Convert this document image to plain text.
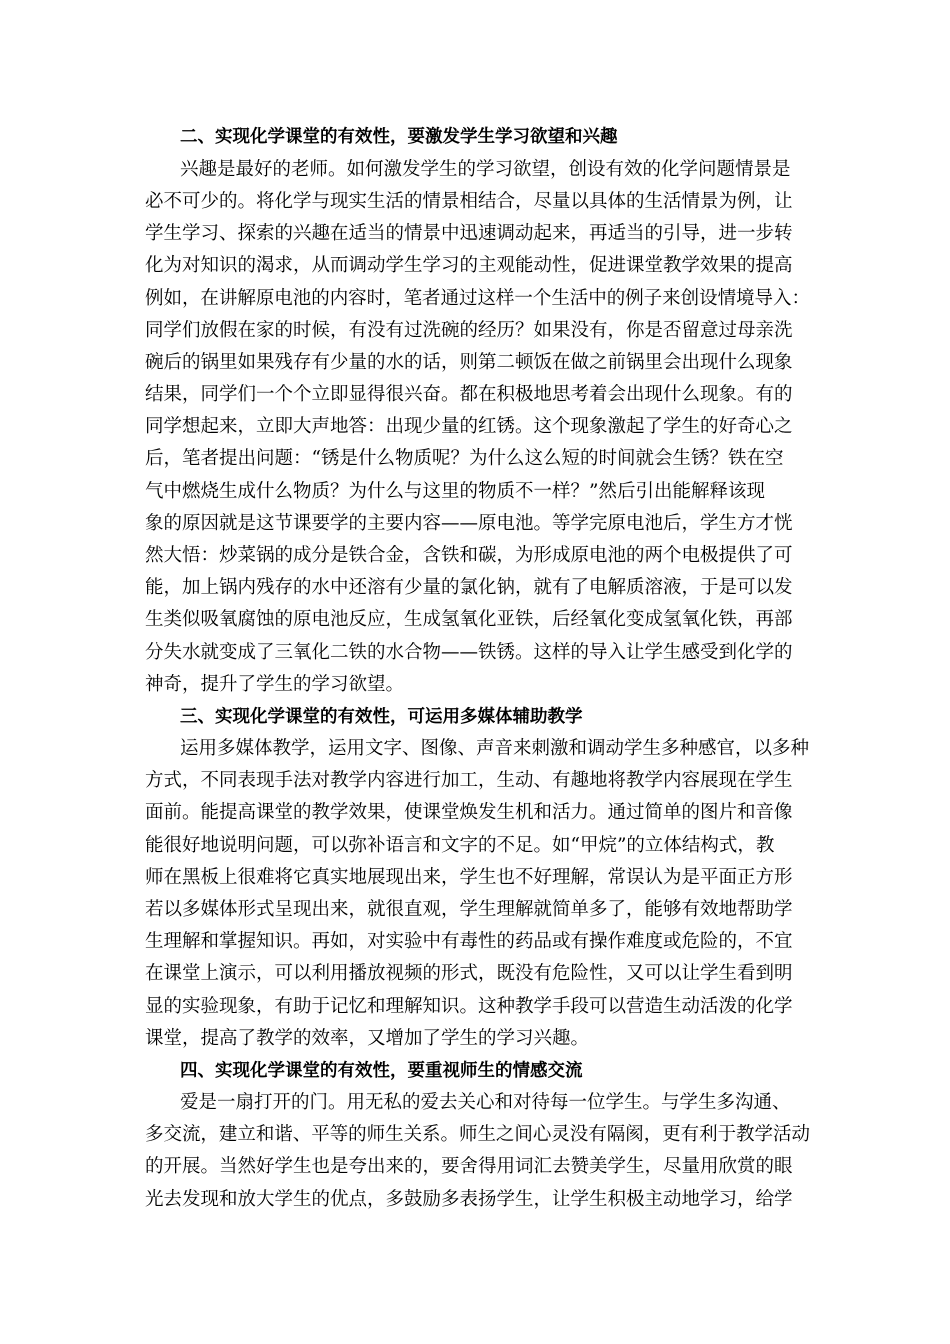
二、实现化学课堂的有效性，要激发学生学习欲望和兴趣
兴趣是最好的老师。如何激发学生的学习欲望，创设有效的化学问题情景是
必不可少的。将化学与现实生活的情景相结合，尽量以具体的生活情景为例，让
学生学习、探索的兴趣在适当的情景中迅速调动起来，再适当的引导，进一步转
化为对知识的渴求，从而调动学生学习的主观能动性，促进课堂教学效果的提高
例如，在讲解原电池的内容时，笔者通过这样一个生活中的例子来创设情境导入：
同学们放假在家的时候，有没有过洗碗的经历？如果没有，你是否留意过母亲洗
碗后的锅里如果残存有少量的水的话，则第二顿饭在做之前锅里会出现什么现象
结果，同学们一个个立即显得很兴奋。都在积极地思考着会出现什么现象。有的
同学想起来，立即大声地答：出现少量的红锈。这个现象激起了学生的好奇心之
后，笔者提出问题：“锈是什么物质呢？为什么这么短的时间就会生锈？铁在空
气中燃烧生成什么物质？为什么与这里的物质不一样？”然后引出能解释该现
象的原因就是这节课要学的主要内容——原电池。等学完原电池后，学生方才恍
然大悟：炒菜锅的成分是铁合金，含铁和碳，为形成原电池的两个电极提供了可
能，加上锅内残存的水中还溶有少量的氯化钠，就有了电解质溶液，于是可以发
生类似吸氧腐蚀的原电池反应，生成氢氧化亚铁，后经氧化变成氢氧化铁，再部
分失水就变成了三氧化二铁的水合物——铁锈。这样的导入让学生感受到化学的
神奇，提升了学生的学习欲望。
三、实现化学课堂的有效性，可运用多媒体辅助教学
运用多媒体教学，运用文字、图像、声音来刺激和调动学生多种感官，以多种
方式，不同表现手法对教学内容进行加工，生动、有趣地将教学内容展现在学生
面前。能提高课堂的教学效果，使课堂焕发生机和活力。通过简单的图片和音像
能很好地说明问题，可以弥补语言和文字的不足。如“甲烷”的立体结构式，教
师在黑板上很难将它真实地展现出来，学生也不好理解，常误认为是平面正方形
若以多媒体形式呈现出来，就很直观，学生理解就简单多了，能够有效地帮助学
生理解和掌握知识。再如，对实验中有毒性的药品或有操作难度或危险的，不宜
在课堂上演示，可以利用播放视频的形式，既没有危险性，又可以让学生看到明
显的实验现象，有助于记忆和理解知识。这种教学手段可以营造生动活泼的化学
课堂，提高了教学的效率，又增加了学生的学习兴趣。
四、实现化学课堂的有效性，要重视师生的情感交流
爱是一扇打开的门。用无私的爱去关心和对待每一位学生。与学生多沟通、
多交流，建立和谐、平等的师生关系。师生之间心灵没有隔阂，更有利于教学活动
的开展。当然好学生也是夸出来的，要舍得用词汇去赞美学生，尽量用欣赏的眼
光去发现和放大学生的优点，多鼓励多表扬学生，让学生积极主动地学习，给学
